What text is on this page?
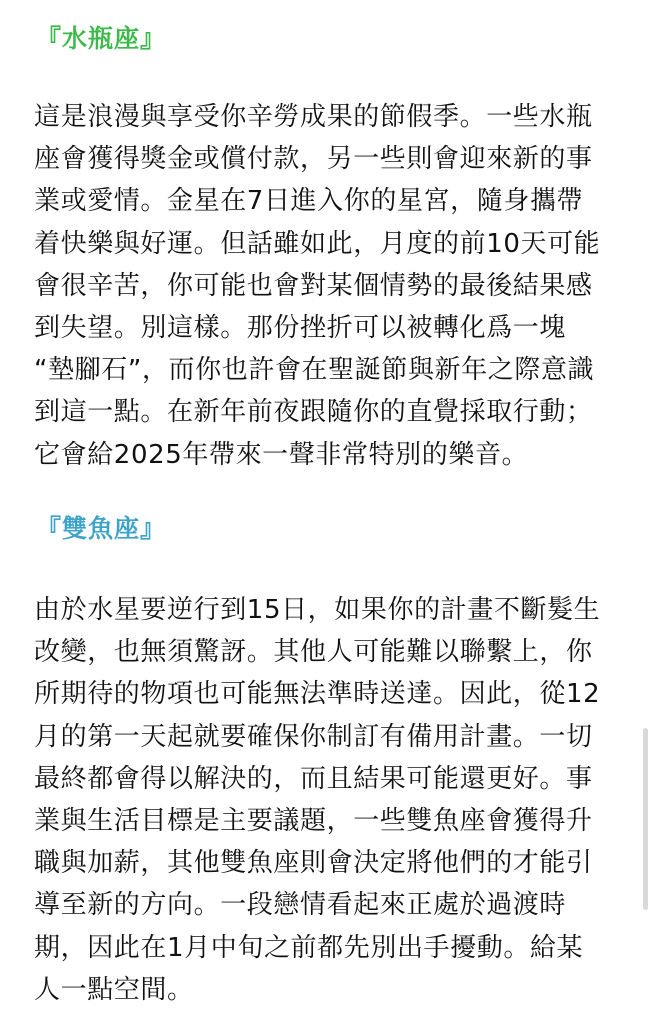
『水瓶座』

這是浪漫與享受你辛勞成果的節假季。一些水瓶
座會獲得獎金或償付款，另一些則會迎來新的事
業或愛情。金星在7日進入你的星宮，隨身攜帶
着快樂與好運。但話雖如此，月度的前10天可能
會很辛苦，你可能也會對某個情勢的最後結果感
到失望。別這樣。那份挫折可以被轉化爲一塊
“墊腳石”，而你也許會在聖誕節與新年之際意識
到這一點。在新年前夜跟隨你的直覺採取行動；
它會給2025年帶來一聲非常特別的樂音。

『雙魚座』

由於水星要逆行到15日，如果你的計畫不斷髮生
改變，也無須驚訝。其他人可能難以聯繫上，你
所期待的物項也可能無法準時送達。因此，從12
月的第一天起就要確保你制訂有備用計畫。一切
最終都會得以解決的，而且結果可能還更好。事
業與生活目標是主要議題，一些雙魚座會獲得升
職與加薪，其他雙魚座則會決定將他們的才能引
導至新的方向。一段戀情看起來正處於過渡時
期，因此在1月中旬之前都先別出手擾動。給某
人一點空間。
